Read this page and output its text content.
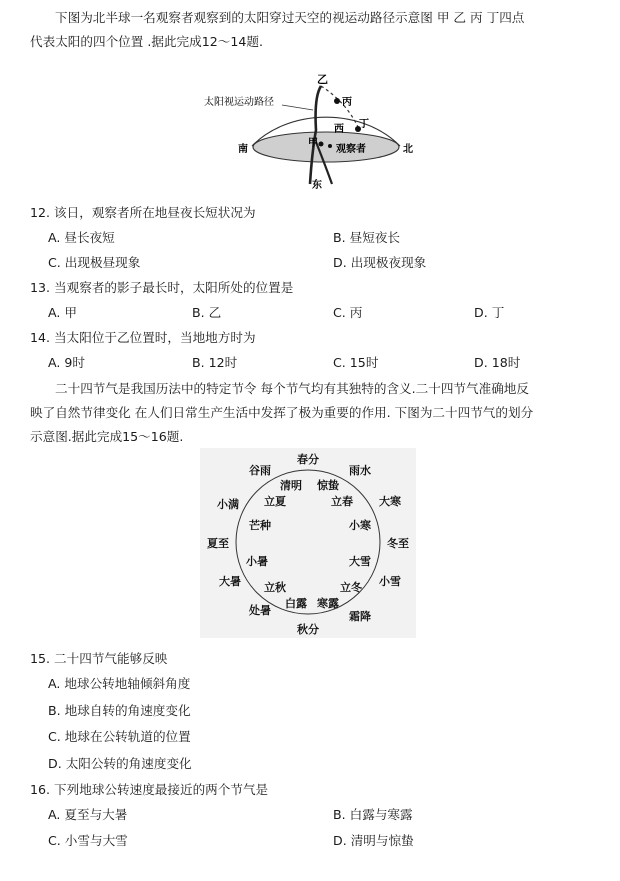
下图为北半球一名观察者观察到的太阳穿过天空的视运动路径示意图 甲 乙 丙 丁四点
代表太阳的四个位置 .据此完成12～14题.
太阳视运动路径
乙
丙
西 丁
甲
观察者
南	北
东
12. 该日，观察者所在地昼夜长短状况为
A. 昼长夜短	B. 昼短夜长
C. 出现极昼现象	D. 出现极夜现象
13. 当观察者的影子最长时，太阳所处的位置是
A. 甲	B. 乙	C. 丙	D. 丁
14. 当太阳位于乙位置时，当地地方时为
A. 9时	B. 12时	C. 15时	D. 18时
二十四节气是我国历法中的特定节令 每个节气均有其独特的含义.二十四节气准确地反
映了自然节律变化 在人们日常生产生活中发挥了极为重要的作用. 下图为二十四节气的划分
示意图.据此完成15～16题.
春分
谷雨
清明 惊蛰
雨水
立夏	立春
小满	大寒
芒种	小寒
夏至	冬至
小暑	大雪
大暑	小雪
立秋	立冬
处暑
白露 寒露
霜降
秋分
15. 二十四节气能够反映
A. 地球公转地轴倾斜角度
B. 地球自转的角速度变化
C. 地球在公转轨道的位置
D. 太阳公转的角速度变化
16. 下列地球公转速度最接近的两个节气是
A. 夏至与大暑	B. 白露与寒露
C. 小雪与大雪	D. 清明与惊蛰
